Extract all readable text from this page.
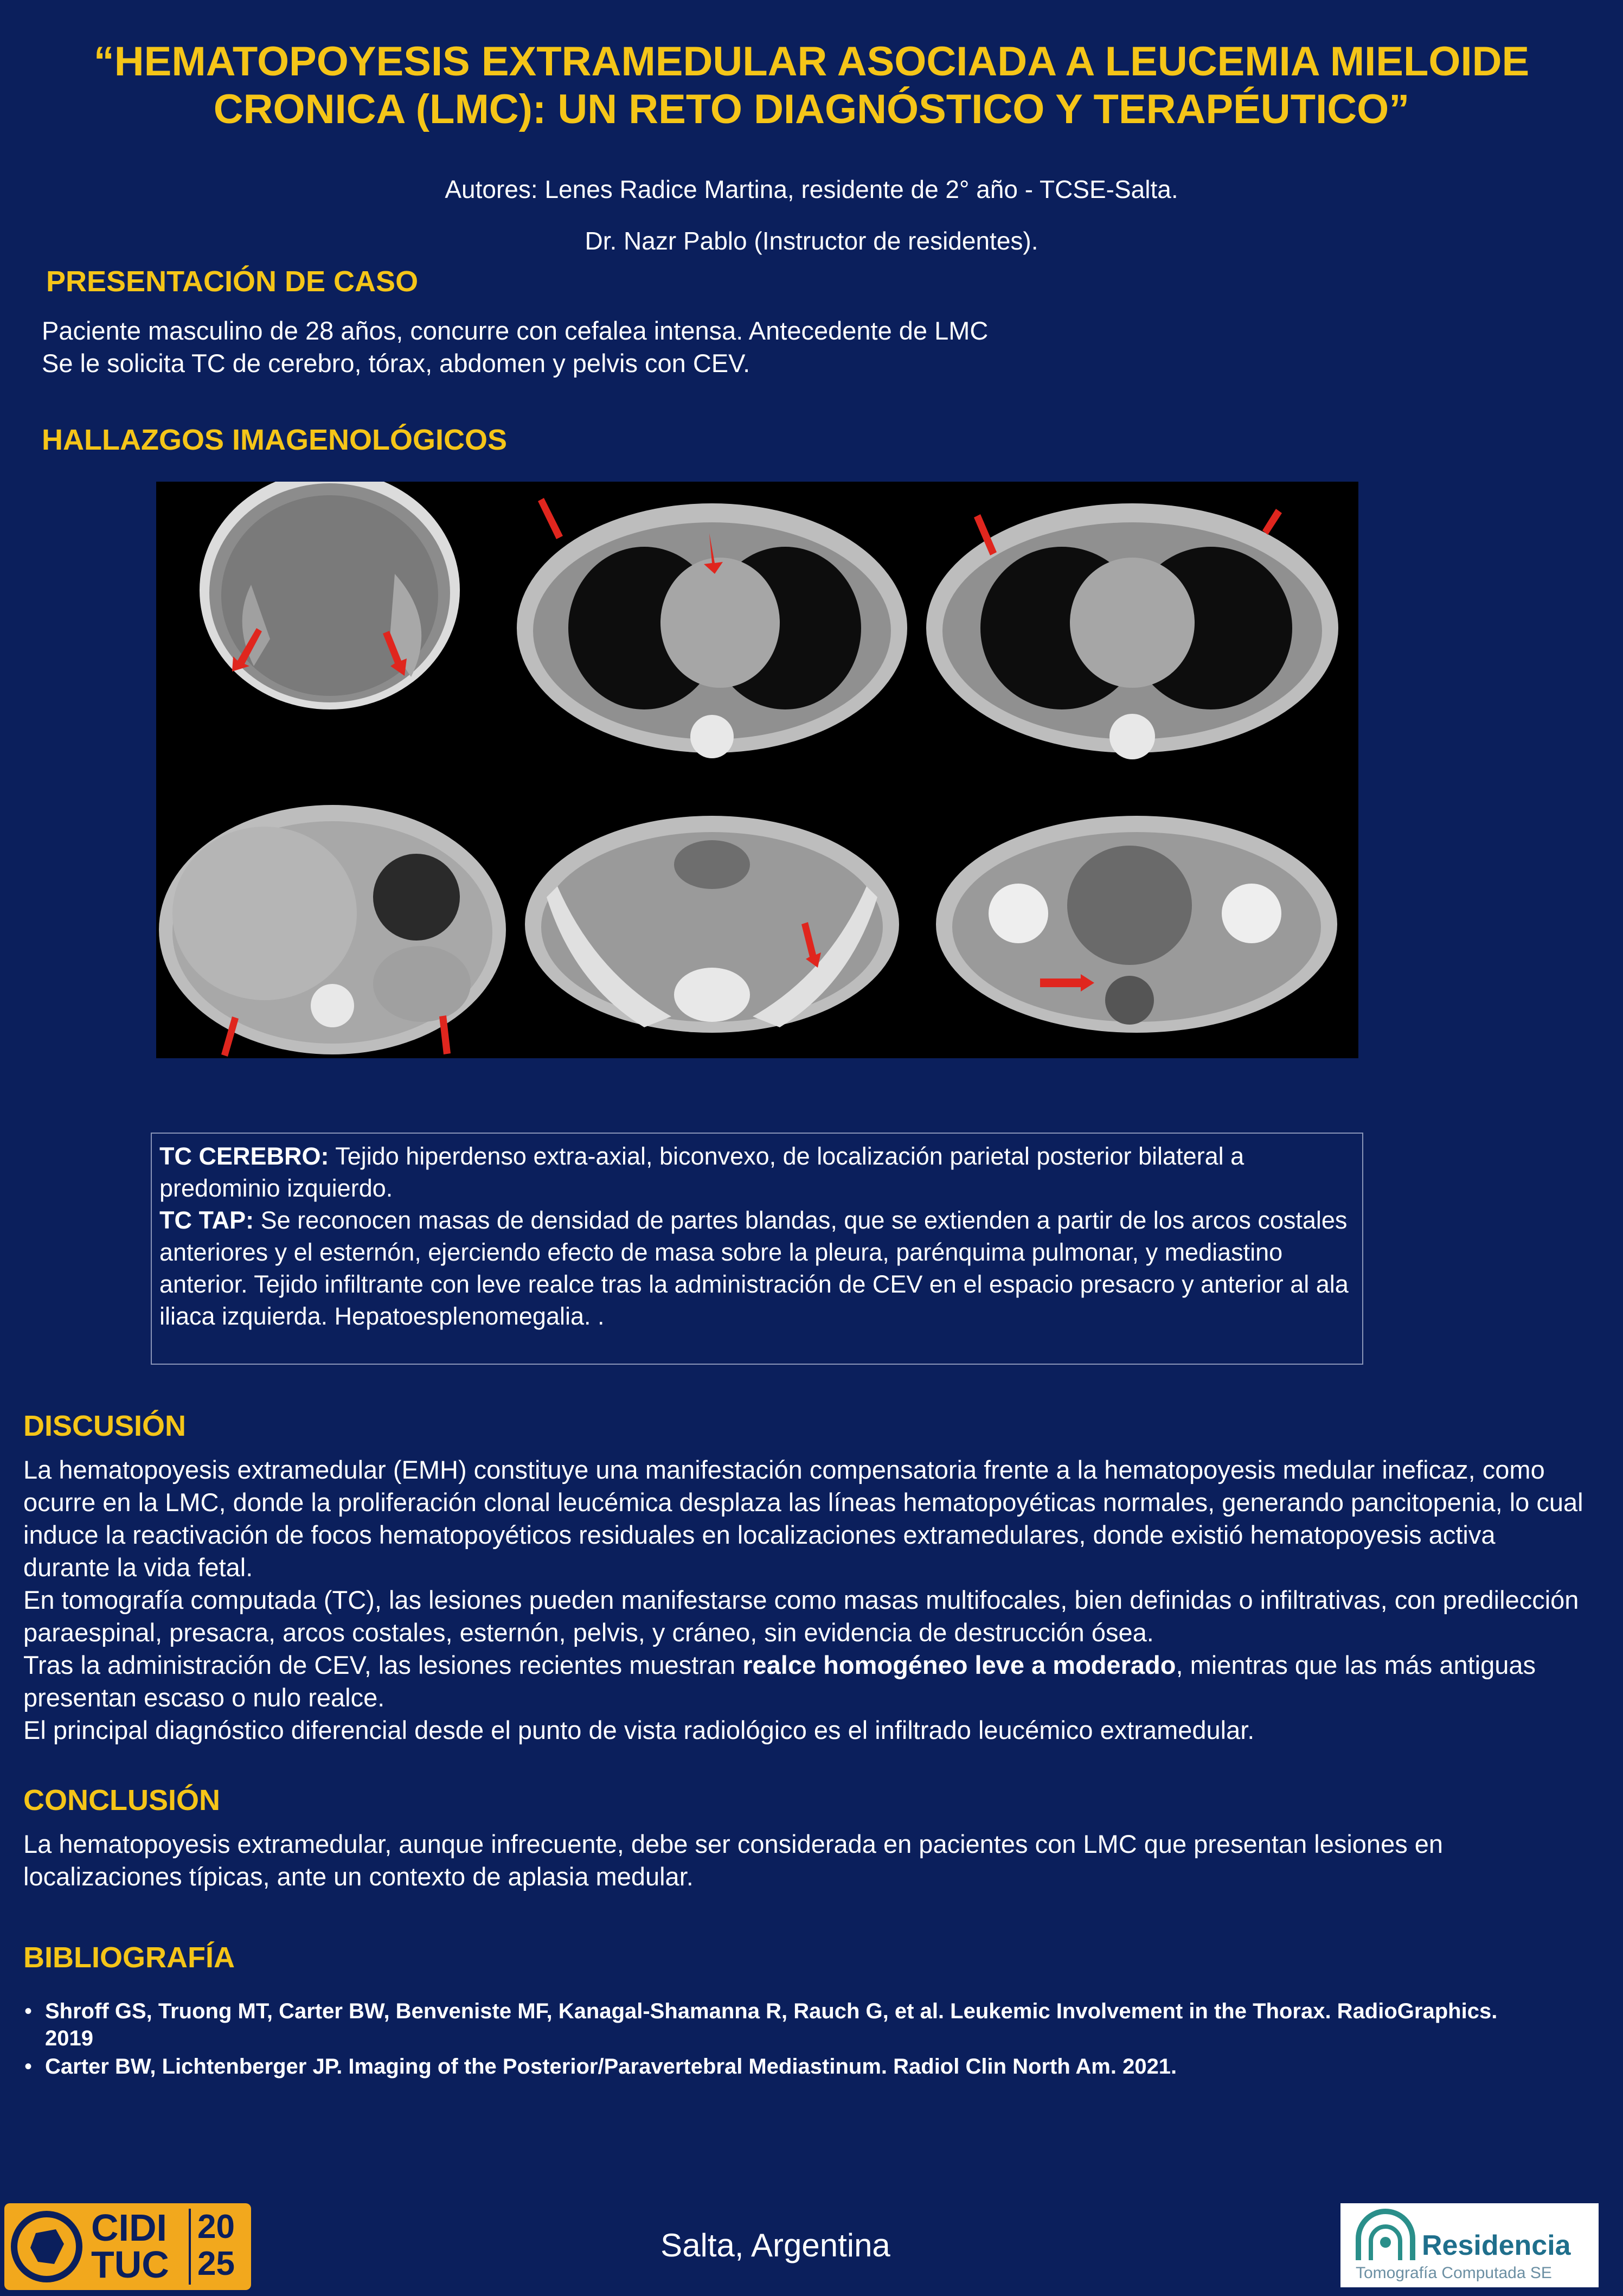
“HEMATOPOYESIS EXTRAMEDULAR ASOCIADA A LEUCEMIA MIELOIDE
CRONICA (LMC): UN RETO DIAGNÓSTICO Y TERAPÉUTICO”
Autores: Lenes Radice Martina, residente de 2° año - TCSE-Salta.
Dr. Nazr Pablo (Instructor de residentes).
PRESENTACIÓN DE CASO
Paciente masculino de 28 años, concurre con cefalea intensa. Antecedente de LMC
Se le solicita TC de cerebro, tórax, abdomen y pelvis con CEV.
HALLAZGOS IMAGENOLÓGICOS
TC CEREBRO: Tejido hiperdenso extra-axial, biconvexo, de localización parietal posterior bilateral a predominio izquierdo.
TC TAP: Se reconocen masas de densidad de partes blandas, que se extienden a partir de los arcos costales anteriores y el esternón, ejerciendo efecto de masa sobre la pleura, parénquima pulmonar, y mediastino anterior. Tejido infiltrante con leve realce tras la administración de CEV en el espacio presacro y anterior al ala iliaca izquierda. Hepatoesplenomegalia. .
DISCUSIÓN
La hematopoyesis extramedular (EMH) constituye una manifestación compensatoria frente a la hematopoyesis medular ineficaz, como ocurre en la LMC, donde la proliferación clonal leucémica desplaza las líneas hematopoyéticas normales, generando pancitopenia, lo cual induce la reactivación de focos hematopoyéticos residuales en localizaciones extramedulares, donde existió hematopoyesis activa durante la vida fetal.
En tomografía computada (TC), las lesiones pueden manifestarse como masas multifocales, bien definidas o infiltrativas, con predilección paraespinal, presacra, arcos costales, esternón, pelvis, y cráneo, sin evidencia de destrucción ósea.
Tras la administración de CEV, las lesiones recientes muestran realce homogéneo leve a moderado, mientras que las más antiguas presentan escaso o nulo realce.
El principal diagnóstico diferencial desde el punto de vista radiológico es el infiltrado leucémico extramedular.
CONCLUSIÓN
La hematopoyesis extramedular, aunque infrecuente, debe ser considerada en pacientes con LMC que presentan lesiones en localizaciones típicas, ante un contexto de aplasia medular.
BIBLIOGRAFÍA
• Shroff GS, Truong MT, Carter BW, Benveniste MF, Kanagal-Shamanna R, Rauch G, et al. Leukemic Involvement in the Thorax. RadioGraphics. 2019
• Carter BW, Lichtenberger JP. Imaging of the Posterior/Paravertebral Mediastinum. Radiol Clin North Am. 2021.
CIDI
TUC
20
25	Salta, Argentina	Residencia
Tomografía Computada SE
